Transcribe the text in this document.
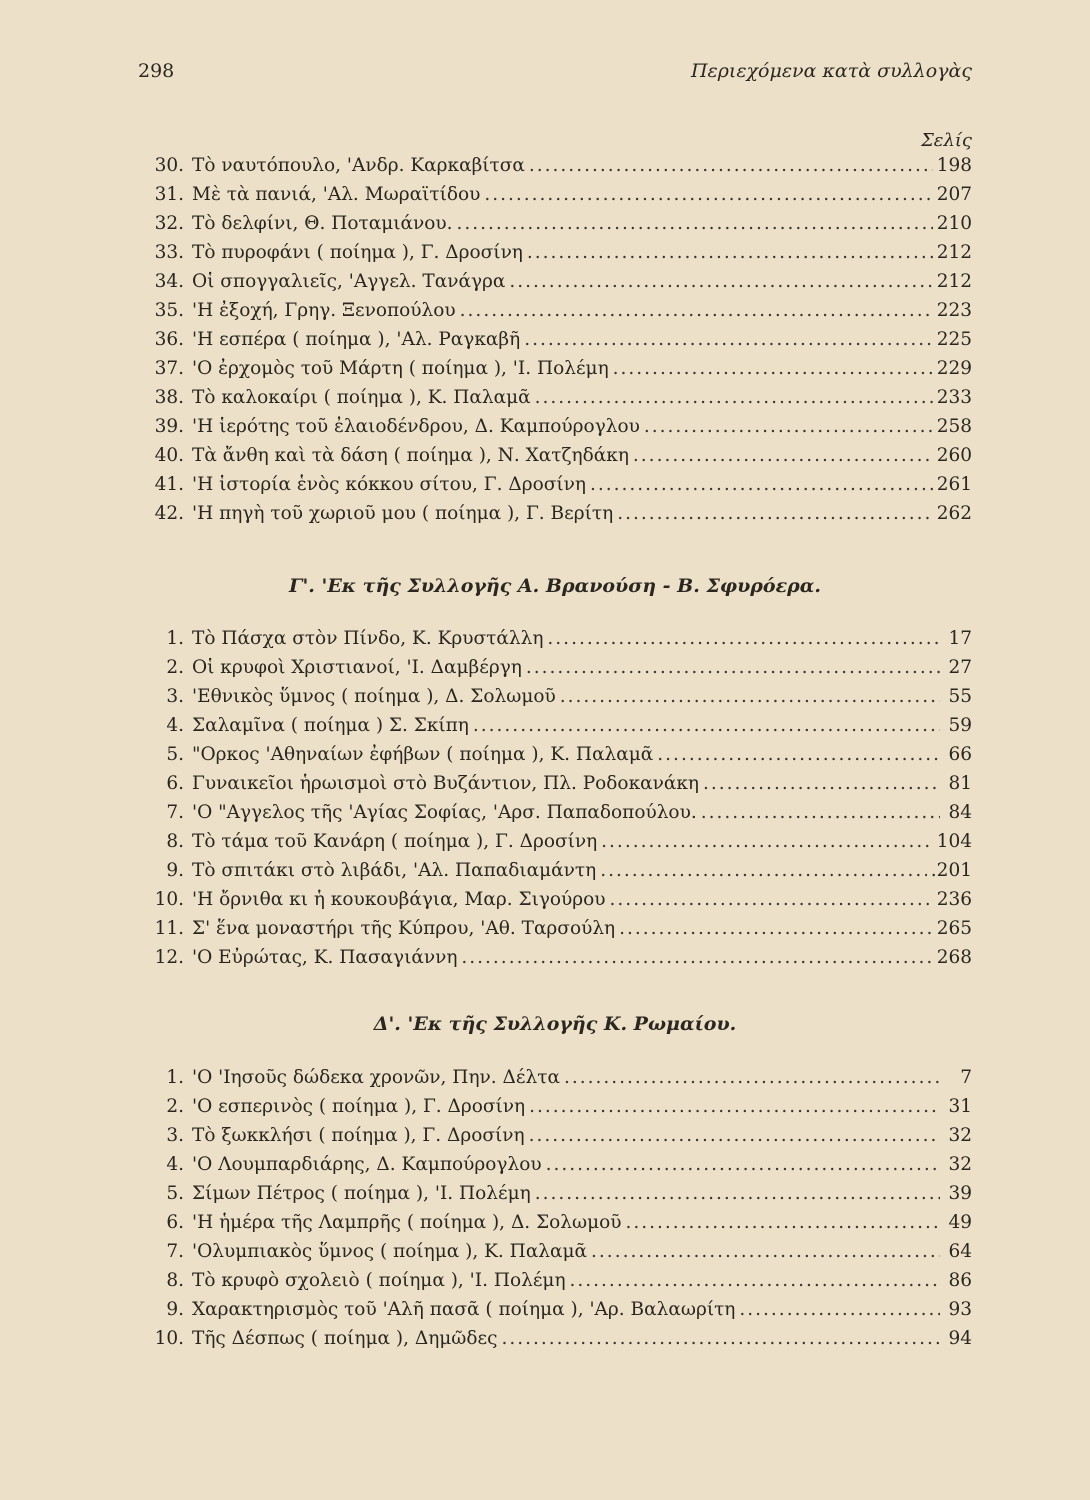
298	Περιεχόμενα κατὰ συλλογὰς
Σελίς
30. Τὸ ναυτόπουλο, 'Ανδρ. Καρκαβίτσα .....	198
31. Μὲ τὰ πανιά, 'Αλ. Μωραϊτίδου .....	207
32. Τὸ δελφίνι, Θ. Ποταμιάνου. .....	210
33. Τὸ πυροφάνι ( ποίημα ), Γ. Δροσίνη .....	212
34. Οἱ σπογγαλιεῖς, 'Αγγελ. Τανάγρα .....	212
35. 'Η ἐξοχή, Γρηγ. Ξενοπούλου .....	223
36. 'Η εσπέρα ( ποίημα ), 'Αλ. Ραγκαβῆ .....	225
37. 'Ο ἐρχομὸς τοῦ Μάρτη ( ποίημα ), 'Ι. Πολέμη .....	229
38. Τὸ καλοκαίρι ( ποίημα ), Κ. Παλαμᾶ .....	233
39. 'Η ἱερότης τοῦ ἐλαιοδένδρου, Δ. Καμπούρογλου .....	258
40. Τὰ ἄνθη καὶ τὰ δάση ( ποίημα ), Ν. Χατζηδάκη .....	260
41. 'Η ἱστορία ἑνὸς κόκκου σίτου, Γ. Δροσίνη .....	261
42. 'Η πηγὴ τοῦ χωριοῦ μου ( ποίημα ), Γ. Βερίτη .....	262
Γ'. 'Εκ τῆς Συλλογῆς Α. Βρανούση - Β. Σφυρόερα.
1. Τὸ Πάσχα στὸν Πίνδο, Κ. Κρυστάλλη .....	17
2. Οἱ κρυφοὶ Χριστιανοί, 'Ι. Δαμβέργη .....	27
3. 'Εθνικὸς ὕμνος ( ποίημα ), Δ. Σολωμοῦ .....	55
4. Σαλαμῖνα ( ποίημα ) Σ. Σκίπη .....	59
5. "Ορκος 'Αθηναίων ἐφήβων ( ποίημα ), Κ. Παλαμᾶ .....	66
6. Γυναικεῖοι ἡρωισμοὶ στὸ Βυζάντιον, Πλ. Ροδοκανάκη .....	81
7. 'Ο "Αγγελος τῆς 'Αγίας Σοφίας, 'Αρσ. Παπαδοπούλου. .....	84
8. Τὸ τάμα τοῦ Κανάρη ( ποίημα ), Γ. Δροσίνη .....	104
9. Τὸ σπιτάκι στὸ λιβάδι, 'Αλ. Παπαδιαμάντη .....	.201
10. 'Η ὄρνιθα κι ἡ κουκουβάγια, Μαρ. Σιγούρου .....	236
11. Σ' ἕνα μοναστήρι τῆς Κύπρου, 'Αθ. Ταρσούλη .....	265
12. 'Ο Εὐρώτας, Κ. Πασαγιάννη .....	268
Δ'. 'Εκ τῆς Συλλογῆς Κ. Ρωμαίου.
1. 'Ο 'Ιησοῦς δώδεκα χρονῶν, Πην. Δέλτα .....	7
2. 'Ο εσπερινὸς ( ποίημα ), Γ. Δροσίνη .....	31
3. Τὸ ξωκκλήσι ( ποίημα ), Γ. Δροσίνη .....	32
4. 'Ο Λουμπαρδιάρης, Δ. Καμπούρογλου .....	32
5. Σίμων Πέτρος ( ποίημα ), 'Ι. Πολέμη .....	39
6. 'Η ἡμέρα τῆς Λαμπρῆς ( ποίημα ), Δ. Σολωμοῦ .....	49
7. 'Ολυμπιακὸς ὕμνος ( ποίημα ), Κ. Παλαμᾶ .....	64
8. Τὸ κρυφὸ σχολειὸ ( ποίημα ), 'Ι. Πολέμη .....	86
9. Χαρακτηρισμὸς τοῦ 'Αλῆ πασᾶ ( ποίημα ), 'Αρ. Βαλαωρίτη .....	93
10. Τῆς Δέσπως ( ποίημα ), Δημῶδες .....	94
